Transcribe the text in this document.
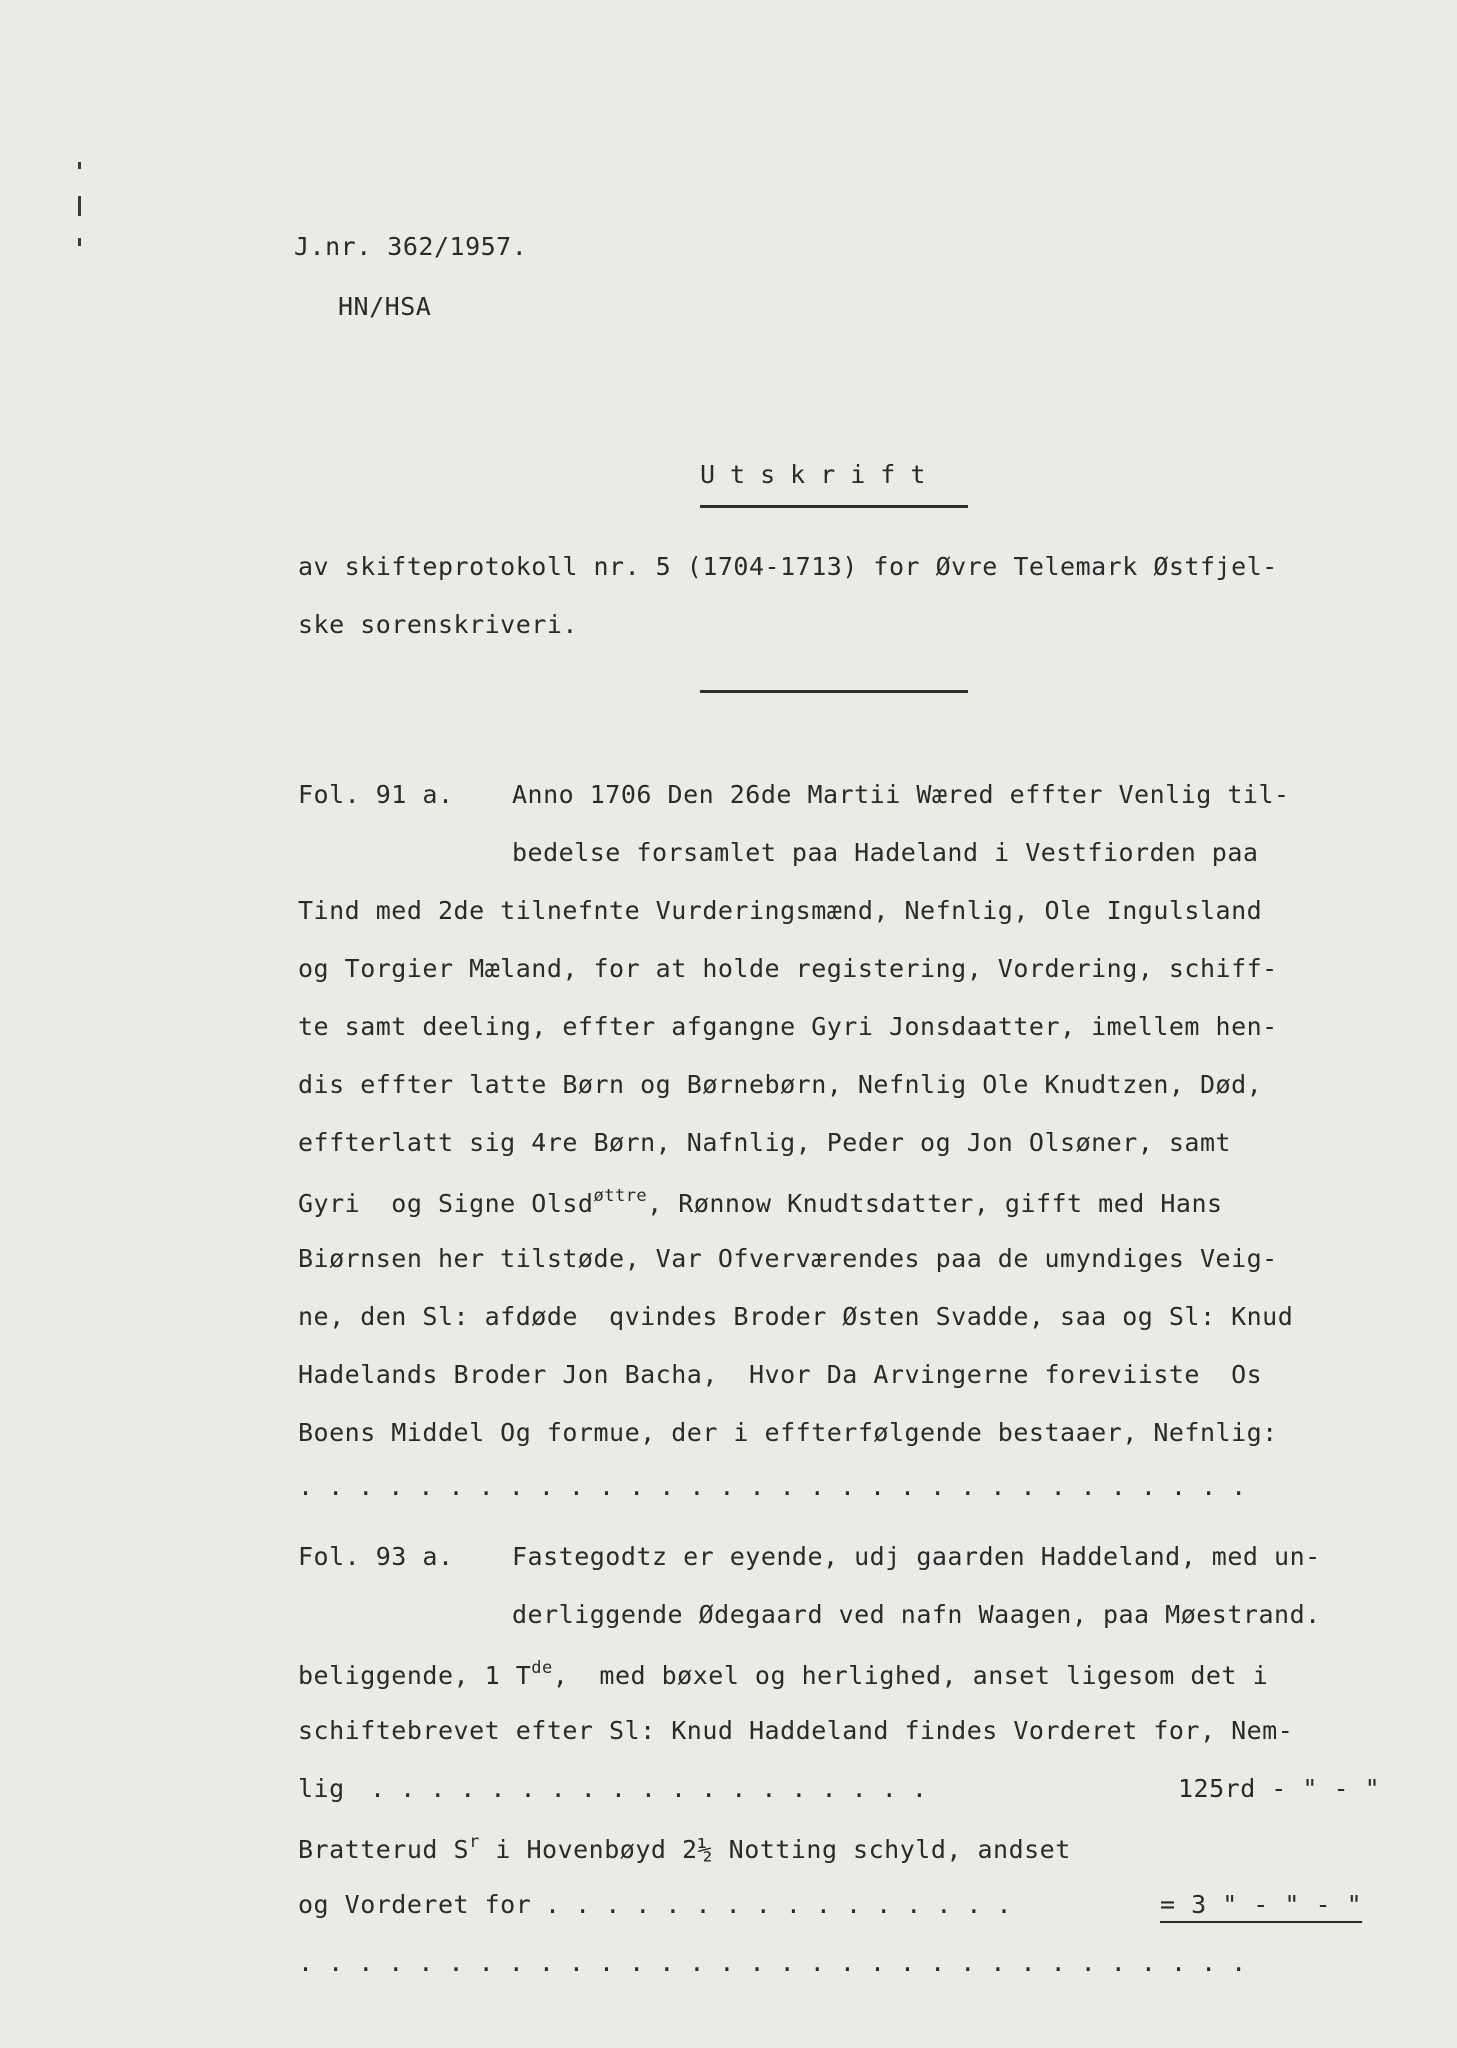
J.nr. 362/1957.
HN/HSA
Utskrift
av skifteprotokoll nr. 5 (1704-1713) for Øvre Telemark Østfjel-
ske sorenskriveri.
Fol. 91 a. Anno 1706 Den 26de Martii Wæred effter Venlig til-
bedelse forsamlet paa Hadeland i Vestfiorden paa
Tind med 2de tilnefnte Vurderingsmænd, Nefnlig, Ole Ingulsland
og Torgier Mæland, for at holde registering, Vordering, schiff-
te samt deeling, effter afgangne Gyri Jonsdaatter, imellem hen-
dis effter latte Børn og Børnebørn, Nefnlig Ole Knudtzen, Død,
effterlatt sig 4re Børn, Nafnlig, Peder og Jon Olsøner, samt
Gyri  og Signe Olsd$^{øttre}$, Rønnow Knudtsdatter, gifft med Hans
Biørnsen her tilstøde, Var Ofverværendes paa de umyndiges Veig-
ne, den Sl: afdøde  qvindes Broder Østen Svadde, saa og Sl: Knud
Hadelands Broder Jon Bacha,  Hvor Da Arvingerne foreviiste  Os
Boens Middel Og formue, der i effterfølgende bestaaer, Nefnlig:
. . . . . . . . . . . . . . . . . . . . . . . . . . . . . . . .
Fol. 93 a. Fastegodtz er eyende, udj gaarden Haddeland, med un-
derliggende Ødegaard ved nafn Waagen, paa Møestrand.
beliggende, 1 $T^{de}$,  med bøxel og herlighed, anset ligesom det i
schiftebrevet efter Sl: Knud Haddeland findes Vorderet for, Nem-
lig . . . . . . . . . . . . . . . . . . .	125rd - " - "
Bratterud $S^r$ i Hovenbøyd 2½ Notting schyld, andset
og Vorderet for . . . . . . . . . . . . . . . .	= 3 " - " - "
. . . . . . . . . . . . . . . . . . . . . . . . . . . . . . . .
